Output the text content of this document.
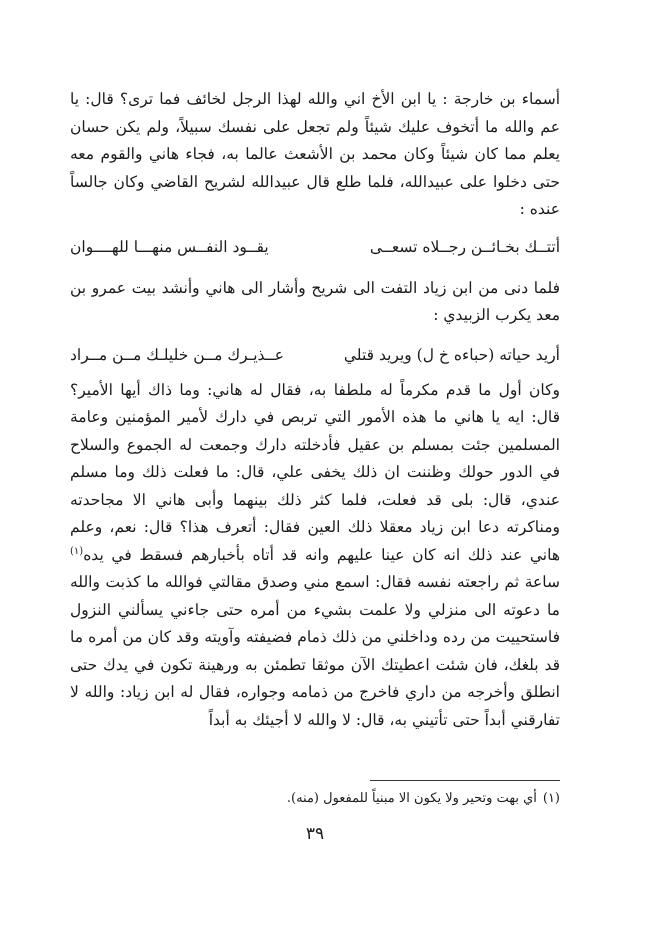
أسماء بن خارجة : يا ابن الأخ اني والله لهذا الرجل لخائف فما ترى؟ قال: يا عم والله ما أتخوف عليك شيئاً ولم تجعل على نفسك سبيلاً، ولم يكن حسان يعلم مما كان شيئاً وكان محمد بن الأشعث عالما به، فجاء هاني والقوم معه حتى دخلوا على عبيدالله، فلما طلع قال عبيدالله لشريح القاضي وكان جالساً عنده :

أتتــك بخـائــن رجــلاه تسعــى
يقــود النفــس منهـــا للهــــوان

فلما دنى من ابن زياد التفت الى شريح وأشار الى هاني وأنشد بيت عمرو بن معد يكرب الزبيدي :

أريد حياته (حباءه خ ل) ويريد قتلي
عــذيـرك مــن خليلـك مــن مــراد

وكان أول ما قدم مكرماً له ملطفا به، فقال له هاني: وما ذاك أيها الأمير؟ قال: ايه يا هاني ما هذه الأمور التي تربص في دارك لأمير المؤمنين وعامة المسلمين جئت بمسلم بن عقيل فأدخلته دارك وجمعت له الجموع والسلاح في الدور حولك وظننت ان ذلك يخفى علي، قال: ما فعلت ذلك وما مسلم عندي، قال: بلى قد فعلت، فلما كثر ذلك بينهما وأبى هاني الا مجاحدته ومناكرته دعا ابن زياد معقلا ذلك العين فقال: أتعرف هذا؟ قال: نعم، وعلم هاني عند ذلك انه كان عينا عليهم وانه قد أتاه بأخبارهم فسقط في يده$^{(١)}$ ساعة ثم راجعته نفسه فقال: اسمع مني وصدق مقالتي فوالله ما كذبت والله ما دعوته الى منزلي ولا علمت بشيء من أمره حتى جاءني يسألني النزول فاستحييت من رده وداخلني من ذلك ذمام فضيفته وآويته وقد كان من أمره ما قد بلغك، فان شئت اعطيتك الآن موثقا تطمئن به ورهينة تكون في يدك حتى انطلق وأخرجه من داري فاخرج من ذمامه وجواره، فقال له ابن زياد: والله لا تفارقني أبداً حتى تأتيني به، قال: لا والله لا أجيئك به أبداً

(١)أي بهت وتحير ولا يكون الا مبنياً للمفعول (منه).
٣٩
